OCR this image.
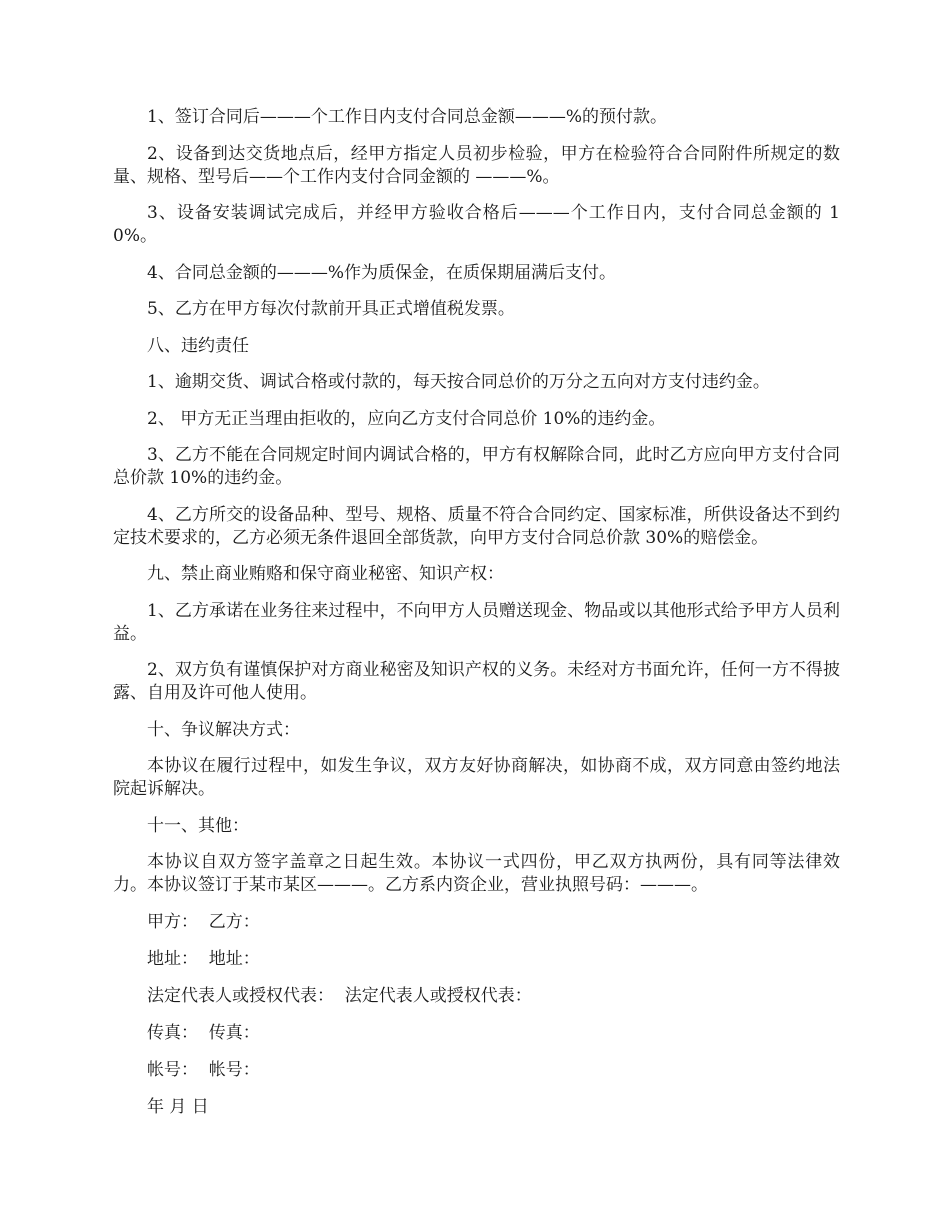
1、签订合同后———个工作日内支付合同总金额———%的预付款。

2、设备到达交货地点后，经甲方指定人员初步检验，甲方在检验符合合同附件所规定的数量、规格、型号后——个工作内支付合同金额的 ———%。

3、设备安装调试完成后，并经甲方验收合格后———个工作日内，支付合同总金额的 10%。

4、合同总金额的———%作为质保金，在质保期届满后支付。

5、乙方在甲方每次付款前开具正式增值税发票。

八、违约责任

1、逾期交货、调试合格或付款的，每天按合同总价的万分之五向对方支付违约金。

2、 甲方无正当理由拒收的，应向乙方支付合同总价 10%的违约金。

3、乙方不能在合同规定时间内调试合格的，甲方有权解除合同，此时乙方应向甲方支付合同总价款 10%的违约金。

4、乙方所交的设备品种、型号、规格、质量不符合合同约定、国家标准，所供设备达不到约定技术要求的，乙方必须无条件退回全部货款，向甲方支付合同总价款 30%的赔偿金。

九、禁止商业贿赂和保守商业秘密、知识产权：

1、乙方承诺在业务往来过程中，不向甲方人员赠送现金、物品或以其他形式给予甲方人员利益。

2、双方负有谨慎保护对方商业秘密及知识产权的义务。未经对方书面允许，任何一方不得披露、自用及许可他人使用。

十、争议解决方式：

本协议在履行过程中，如发生争议，双方友好协商解决，如协商不成，双方同意由签约地法院起诉解决。

十一、其他：

本协议自双方签字盖章之日起生效。本协议一式四份，甲乙双方执两份，具有同等法律效力。本协议签订于某市某区———。乙方系内资企业，营业执照号码：———。

甲方：  乙方：

地址：  地址：

法定代表人或授权代表：  法定代表人或授权代表：

传真：  传真：

帐号：  帐号：

年 月 日
